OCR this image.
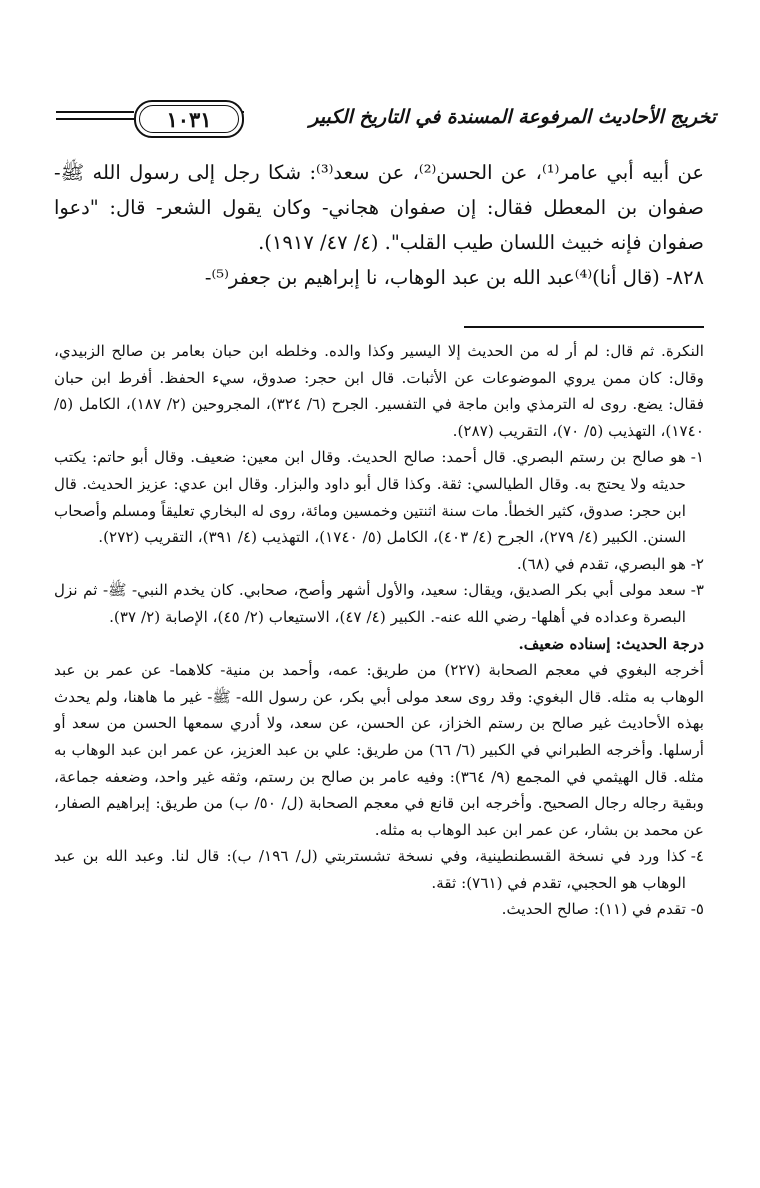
تخريج الأحاديث المرفوعة المسندة في التاريخ الكبير
١٠٣١

عن أبيه أبي عامر⁽¹⁾، عن الحسن⁽²⁾، عن سعد⁽³⁾: شكا رجل إلى رسول الله ﷺ- صفوان بن المعطل فقال: إن صفوان هجاني- وكان يقول الشعر- قال: "دعوا صفوان فإنه خبيث اللسان طيب القلب". (٤/ ٤٧/ ١٩١٧).

٨٢٨- (قال أنا)⁽⁴⁾عبد الله بن عبد الوهاب، نا إبراهيم بن جعفر⁽⁵⁾-

النكرة. ثم قال: لم أر له من الحديث إلا اليسير وكذا والده. وخلطه ابن حبان بعامر بن صالح الزبيدي، وقال: كان ممن يروي الموضوعات عن الأثبات. قال ابن حجر: صدوق، سيء الحفظ. أفرط ابن حبان فقال: يضع. روى له الترمذي وابن ماجة في التفسير. الجرح (٦/ ٣٢٤)، المجروحين (٢/ ١٨٧)، الكامل (٥/ ١٧٤٠)، التهذيب (٥/ ٧٠)، التقريب (٢٨٧).

١-
هو صالح بن رستم البصري. قال أحمد: صالح الحديث. وقال ابن معين: ضعيف. وقال أبو حاتم: يكتب حديثه ولا يحتج به. وقال الطيالسي: ثقة. وكذا قال أبو داود والبزار. وقال ابن عدي: عزيز الحديث. قال ابن حجر: صدوق، كثير الخطأ. مات سنة اثنتين وخمسين ومائة، روى له البخاري تعليقاً ومسلم وأصحاب السنن. الكبير (٤/ ٢٧٩)، الجرح (٤/ ٤٠٣)، الكامل (٥/ ١٧٤٠)، التهذيب (٤/ ٣٩١)، التقريب (٢٧٢).
٢-
هو البصري، تقدم في (٦٨).
٣-
سعد مولى أبي بكر الصديق، ويقال: سعيد، والأول أشهر وأصح، صحابي. كان يخدم النبي- ﷺ- ثم نزل البصرة وعداده في أهلها- رضي الله عنه-. الكبير (٤/ ٤٧)، الاستيعاب (٢/ ٤٥)، الإصابة (٢/ ٣٧).

درجة الحديث: إسناده ضعيف.

أخرجه البغوي في معجم الصحابة (٢٢٧) من طريق: عمه، وأحمد بن منية- كلاهما- عن عمر بن عبد الوهاب به مثله. قال البغوي: وقد روى سعد مولى أبي بكر، عن رسول الله- ﷺ- غير ما هاهنا، ولم يحدث بهذه الأحاديث غير صالح بن رستم الخزاز، عن الحسن، عن سعد، ولا أدري سمعها الحسن من سعد أو أرسلها. وأخرجه الطبراني في الكبير (٦/ ٦٦) من طريق: علي بن عبد العزيز، عن عمر ابن عبد الوهاب به مثله. قال الهيثمي في المجمع (٩/ ٣٦٤): وفيه عامر بن صالح بن رستم، وثقه غير واحد، وضعفه جماعة، وبقية رجاله رجال الصحيح. وأخرجه ابن قانع في معجم الصحابة (ل/ ٥٠/ ب) من طريق: إبراهيم الصفار، عن محمد بن بشار، عن عمر ابن عبد الوهاب به مثله.

٤-
كذا ورد في نسخة القسطنطينية، وفي نسخة تشستربتي (ل/ ١٩٦/ ب): قال لنا. وعبد الله بن عبد الوهاب هو الحجبي، تقدم في (٧٦١): ثقة.
٥-
تقدم في (١١): صالح الحديث.
